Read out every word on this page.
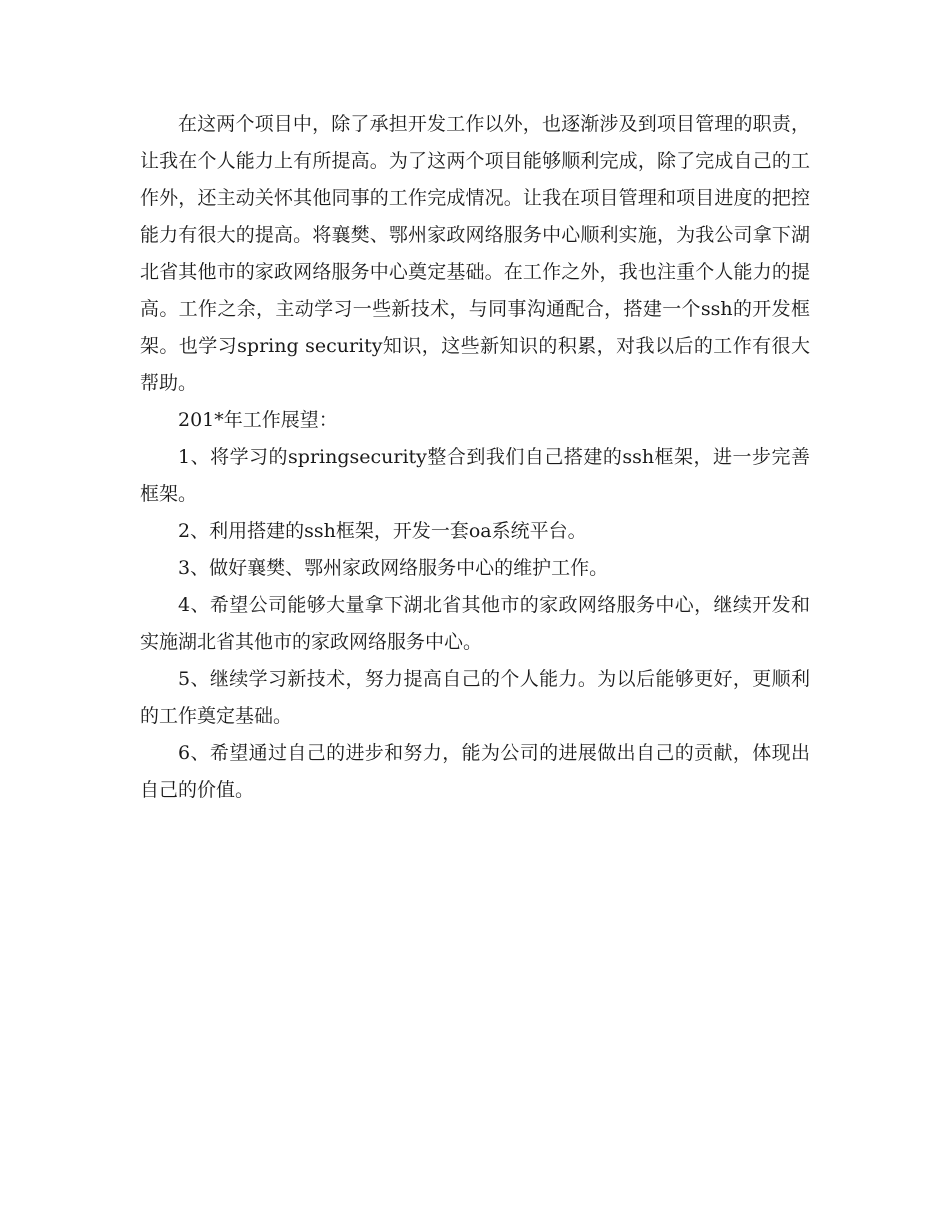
在这两个项目中，除了承担开发工作以外，也逐渐涉及到项目管理的职责，让我在个人能力上有所提高。为了这两个项目能够顺利完成，除了完成自己的工作外，还主动关怀其他同事的工作完成情况。让我在项目管理和项目进度的把控能力有很大的提高。将襄樊、鄂州家政网络服务中心顺利实施，为我公司拿下湖北省其他市的家政网络服务中心奠定基础。在工作之外，我也注重个人能力的提高。工作之余，主动学习一些新技术，与同事沟通配合，搭建一个ssh的开发框架。也学习spring security知识，这些新知识的积累，对我以后的工作有很大帮助。

201*年工作展望：

1、将学习的springsecurity整合到我们自己搭建的ssh框架，进一步完善框架。

2、利用搭建的ssh框架，开发一套oa系统平台。

3、做好襄樊、鄂州家政网络服务中心的维护工作。

4、希望公司能够大量拿下湖北省其他市的家政网络服务中心，继续开发和实施湖北省其他市的家政网络服务中心。

5、继续学习新技术，努力提高自己的个人能力。为以后能够更好，更顺利的工作奠定基础。

6、希望通过自己的进步和努力，能为公司的进展做出自己的贡献，体现出自己的价值。
